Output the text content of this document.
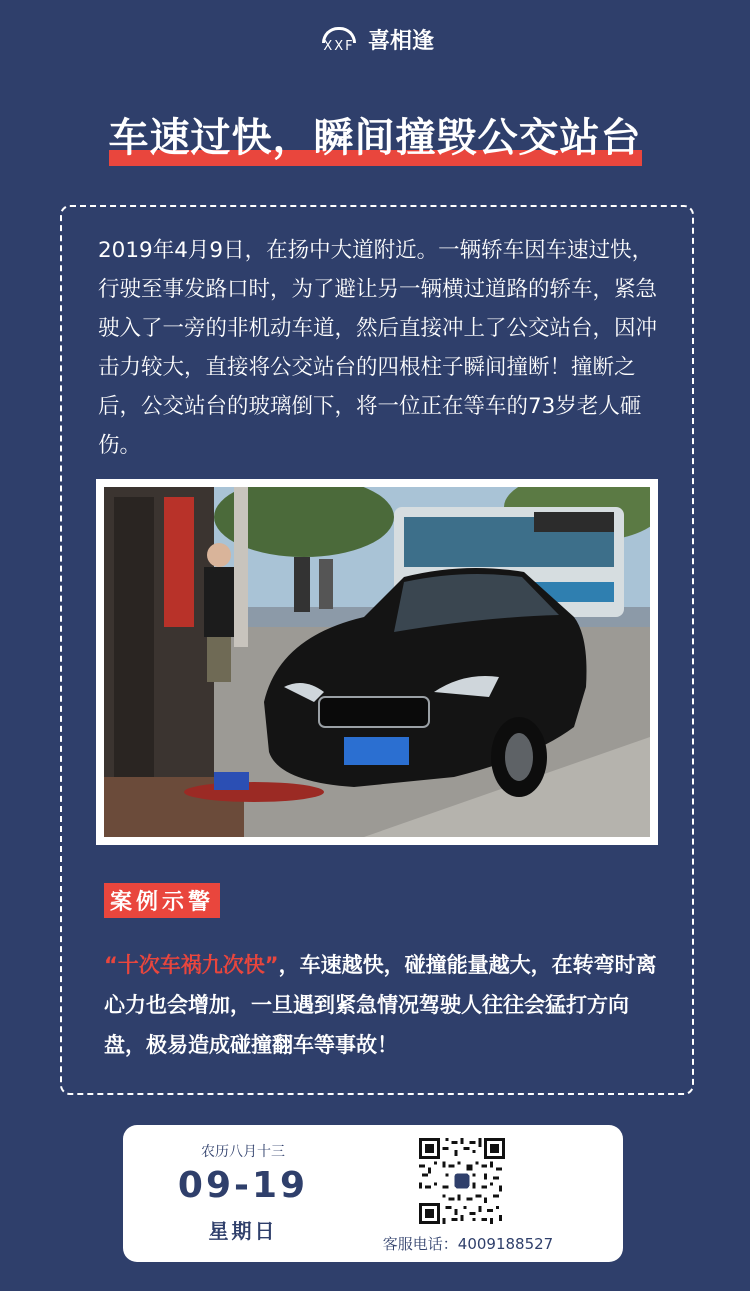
XXF 喜相逢
车速过快，瞬间撞毁公交站台
2019年4月9日，在扬中大道附近。一辆轿车因车速过快，行驶至事发路口时，为了避让另一辆横过道路的轿车，紧急驶入了一旁的非机动车道，然后直接冲上了公交站台，因冲击力较大，直接将公交站台的四根柱子瞬间撞断！撞断之后，公交站台的玻璃倒下，将一位正在等车的73岁老人砸伤。
案例示警
“十次车祸九次快”，车速越快，碰撞能量越大，在转弯时离心力也会增加，一旦遇到紧急情况驾驶人往往会猛打方向盘，极易造成碰撞翻车等事故！
农历八月十三
09-19
星期日
客服电话：4009188527
